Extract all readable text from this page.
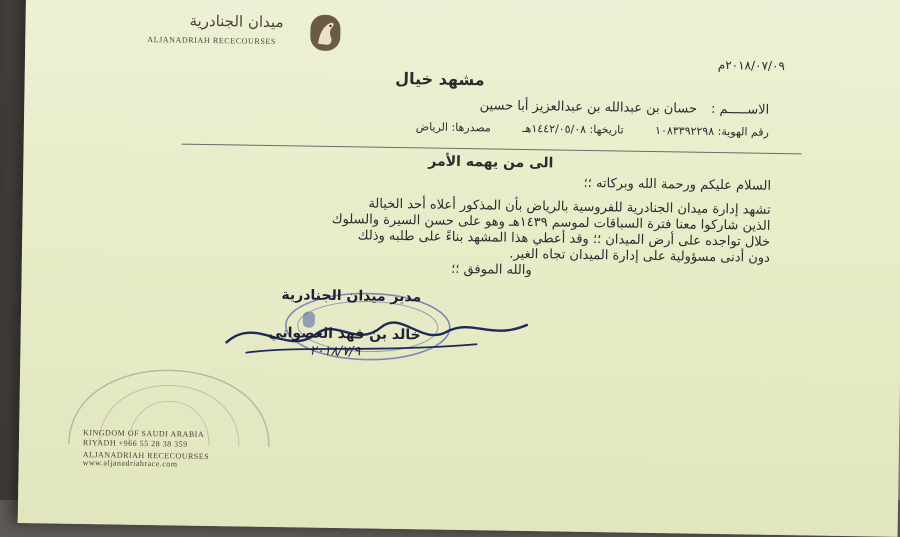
ميدان الجنادرية
ALJANADRIAH RECECOURSES
٢٠١٨/٠٧/٠٩م
مشهد خيال
الاســـــم : حسان بن عبدالله بن عبدالعزيز أبا حسين
رقم الهوية: ١٠٨٣٣٩٢٢٩٨ تاريخها: ١٤٤٢/٠٥/٠٨هـ مصدرها: الرياض
الى من يهمه الأمر
السلام عليكم ورحمة الله وبركاته ؛؛
تشهد إدارة ميدان الجنادرية للفروسية بالرياض بأن المذكور أعلاه أحد الخيالة
الذين شاركوا معنا فترة السباقات لموسم ١٤٣٩هـ وهو على حسن السيرة والسلوك
خلال تواجده على أرض الميدان ؛؛ وقد أعطي هذا المشهد بناءً على طلبه وذلك
دون أدنى مسؤولية على إدارة الميدان تجاه الغير.
والله الموفق ؛؛
مدير ميدان الجنادرية
خالد بن فهد العصواني
٢٠١٨/٧/٩
KINGDOM OF SAUDI ARABIA
RIYADH +966 55 28 38 359
ALJANADRIAH RECECOURSES
www.aljanadriahrace.com
